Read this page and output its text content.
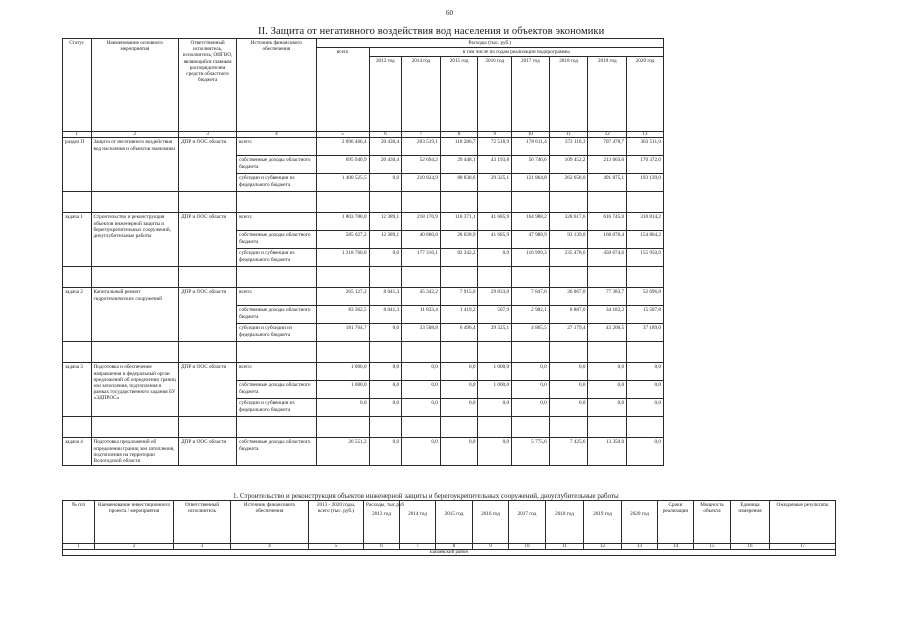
60
II. Защита от негативного воздействия вод населения и объектов экономики
Статус	Наименование основного мероприятия	Ответственный исполнитель, исполнитель, ОИГВО, являющийся главным распорядителем средств областного бюджета	Источник финансового обеспечения	Расходы (тыс. руб.)								
				всего	в том числе по годам реализации подпрограммы							
					2013 год	2014 год	2015 год	2016 год	2017 год	2018 год	2019 год	2020 год
1	2	3	4	5	6	7	8	9	10	11	12	13
раздел II	Защита от негативного воздействия вод населения и объектов экономики	ДПР и ООС области	всего:	2 096 466,4	20 430,4	203 519,1	118 286,7	72 518,9	178 611,4	372 110,3	707 478,7	363 511,0
			собственные доходы областного бюджета	695 940,9	20 430,4	52 694,2	29 448,1	43 193,8	56 746,6	109 452,2	213 603,6	170 372,0
			субсидии и субвенции из федерального бюджета	1 400 525,5	0,0	210 824,9	88 838,6	29 325,1	121 864,8	262 658,0	491 875,1	193 139,0

задача 1	Строительство и реконструкция объектов инженерной защиты и берегоукрепительных сооружений, дноуглубительные работы	ДПР и ООС области	всего:	1 803 788,0	12 389,1	218 176,9	110 371,1	41 685,9	164 988,2	328 617,6	616 745,0	310 814,2
			собственные доходы областного бюджета	585 027,2	12 389,1	40 860,8	28 028,9	41 685,9	47 988,9	93 139,0	166 070,4	154 864,2
			субсидии и субвенции из федерального бюджета	1 218 760,8	0,0	177 316,1	82 342,2	0,0	116 999,3	235 478,6	450 674,6	155 950,0

задача 2	Капитальный ремонт гидротехнических сооружений	ДПР и ООС области	всего:	265 127,2	8 041,3	45 342,2	7 915,6	29 833,0	7 847,6	36 067,0	77 383,7	52 696,8
			собственные доходы областного бюджета	83 362,5	8 041,3	11 833,4	1 419,2	507,9	2 982,1	8 887,6	34 183,2	15 507,8
			субсидии и субсидии из федерального бюджета	181 764,7	0,0	33 508,8	6 496,4	29 325,1	4 865,5	27 179,4	43 200,5	37 189,0

задача 3	Подготовка и обеспечение направления в федеральный орган предложений об определении границ зон затопления, подтопления в рамках государственного задания БУ «ЭДПРОС»	ДПР и ООС области	всего:	1 000,0	0,0	0,0	0,0	1 000,0	0,0	0,0	0,0	0,0
			собственные доходы областного бюджета	1 000,0	0,0	0,0	0,0	1 000,0	0,0	0,0	0,0	0,0
			субсидии и субвенции из федерального бюджета	0,0	0,0	0,0	0,0	0,0	0,0	0,0	0,0	0,0

задача 4	Подготовка предложений об определении границ зон затопления, подтопления на территории Вологодской области	ДПР и ООС области	собственные доходы областного бюджета	26 551,2	0,0	0,0	0,0	0,0	5 775,6	7 425,6	13 350,0	0,0
1. Строительство и реконструкция объектов инженерной защиты и берегоукрепительных сооружений, дноуглубительные работы
№ п/п	Наименование инвестиционного проекта / мероприятия	Ответственный исполнитель	Источник финансового обеспечения	2013 - 2020 годы, всего (тыс. руб.)	Расходы, тыс.руб
2013 год	2014 год	2015 год	2016 год	2017 год	2018 год	2019 год	2020 год	Сроки реализации	Мощность объекта	Единица измерения	Ожидаемые результаты
1	2	3	4	5	6	7	8	9	10	11	12	13	14	15	16	17
Бабаевский район																
